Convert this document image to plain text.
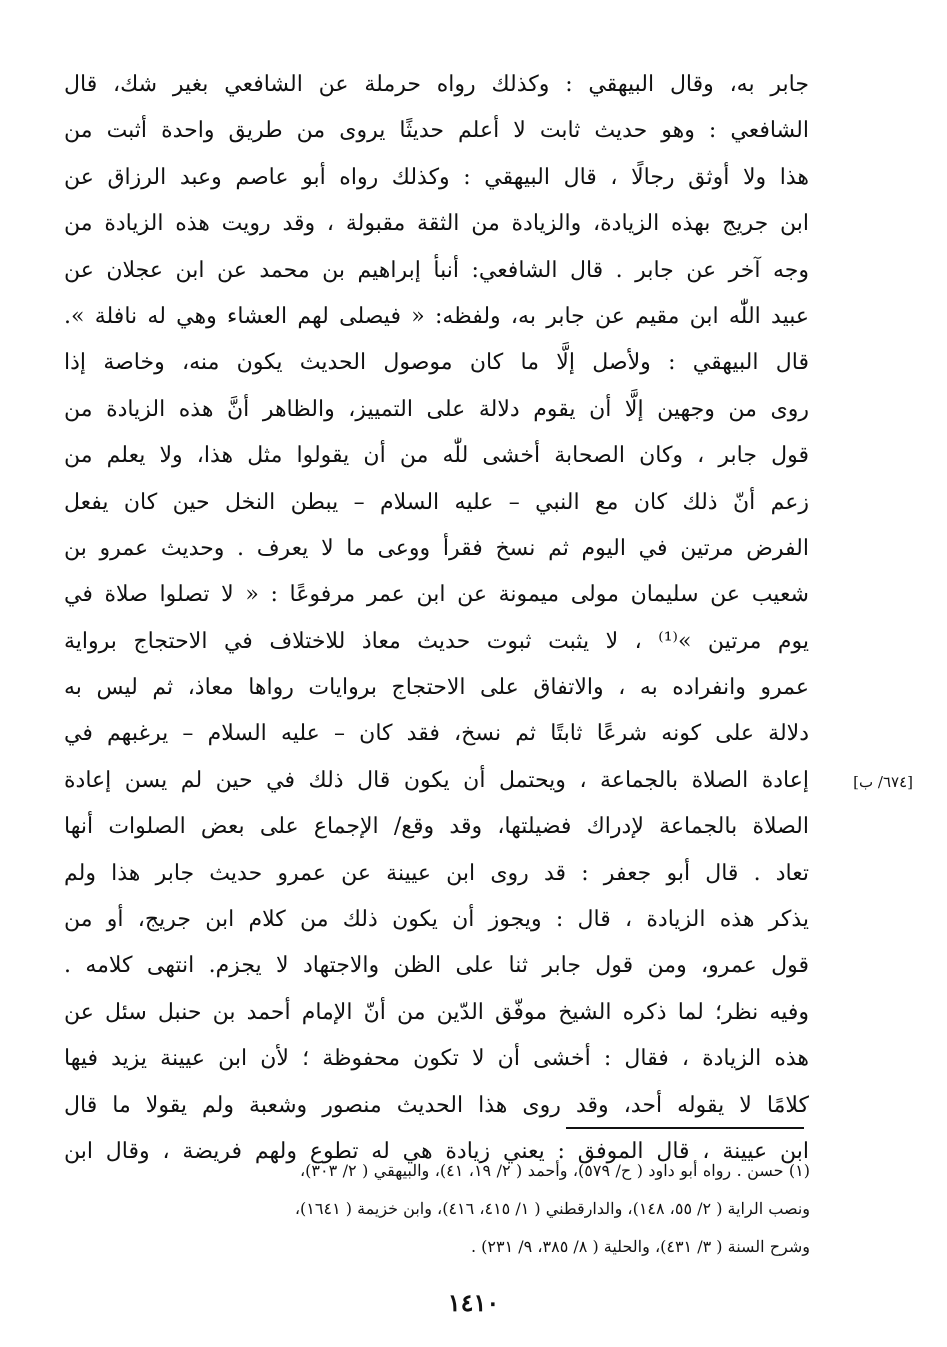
جابر به، وقال البيهقي : وكذلك رواه حرملة عن الشافعي بغير شك، قال
الشافعي : وهو حديث ثابت لا أعلم حديثًا يروى من طريق واحدة أثبت من
هذا ولا أوثق رجالًا ، قال البيهقي : وكذلك رواه أبو عاصم وعبد الرزاق عن
ابن جريج بهذه الزيادة، والزيادة من الثقة مقبولة ، وقد رويت هذه الزيادة من
وجه آخر عن جابر . قال الشافعي: أنبأ إبراهيم بن محمد عن ابن عجلان عن
عبيد اللّٰه ابن مقيم عن جابر به، ولفظه: « فيصلى لهم العشاء وهي له نافلة ».
قال البيهقي : ولأصل إلَّا ما كان موصول الحديث يكون منه، وخاصة إذا
روى من وجهين إلَّا أن يقوم دلالة على التمييز، والظاهر أنَّ هذه الزيادة من
قول جابر ، وكان الصحابة أخشى للّٰه من أن يقولوا مثل هذا، ولا يعلم من
زعم أنّ ذلك كان مع النبي – عليه السلام – يبطن النخل حين كان يفعل
الفرض مرتين في اليوم ثم نسخ فقرأ ووعى ما لا يعرف . وحديث عمرو بن
شعيب عن سليمان مولى ميمونة عن ابن عمر مرفوعًا : « لا تصلوا صلاة في
يوم مرتين »⁽¹⁾ ، لا يثبت ثبوت حديث معاذ للاختلاف في الاحتجاج برواية
عمرو وانفراده به ، والاتفاق على الاحتجاج بروايات رواها معاذ، ثم ليس به
دلالة على كونه شرعًا ثابتًا ثم نسخ، فقد كان – عليه السلام – يرغبهم في
إعادة الصلاة بالجماعة ، ويحتمل أن يكون قال ذلك في حين لم يسن إعادة
الصلاة بالجماعة لإدراك فضيلتها، وقد وقع/ الإجماع على بعض الصلوات أنها
تعاد . قال أبو جعفر : قد روى ابن عيينة عن عمرو حديث جابر هذا ولم
يذكر هذه الزيادة ، قال : ويجوز أن يكون ذلك من كلام ابن جريج، أو من
قول عمرو، ومن قول جابر ثنا على الظن والاجتهاد لا يجزم. انتهى كلامه .
وفيه نظر؛ لما ذكره الشيخ موفّق الدّين من أنّ الإمام أحمد بن حنبل سئل عن
هذه الزيادة ، فقال : أخشى أن لا تكون محفوظة ؛ لأن ابن عيينة يزيد فيها
كلامًا لا يقوله أحد، وقد روى هذا الحديث منصور وشعبة ولم يقولا ما قال
ابن عيينة ، قال الموفق : يعني زيادة هي له تطوع ولهم فريضة ، وقال ابن
[٦٧٤/ ب]
(١) حسن . رواه أبو داود ( ح/ ٥٧٩)، وأحمد ( ٢/ ١٩، ٤١)، والبيهقي ( ٢/ ٣٠٣)،
ونصب الراية ( ٢/ ٥٥، ١٤٨)، والدارقطني ( ١/ ٤١٥، ٤١٦)، وابن خزيمة ( ١٦٤١)،
وشرح السنة ( ٣/ ٤٣١)، والحلية ( ٨/ ٣٨٥، ٩/ ٢٣١) .
١٤١٠
